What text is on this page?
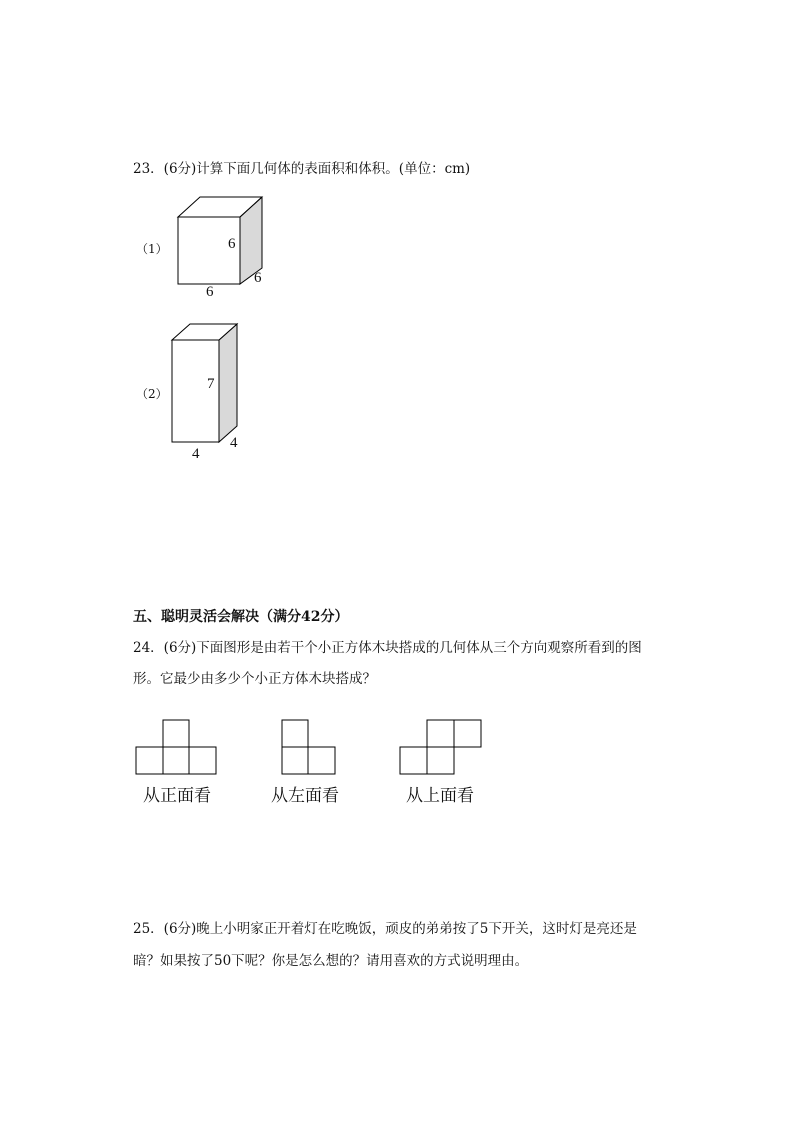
23．(6分)计算下面几何体的表面积和体积。(单位：cm)
（1）	6
6
6
（2）
7
4
4
五、聪明灵活会解决（满分42分）
24．(6分)下面图形是由若干个小正方体木块搭成的几何体从三个方向观察所看到的图
形。它最少由多少个小正方体木块搭成？
从正面看	从左面看	从上面看
25．(6分)晚上小明家正开着灯在吃晚饭，顽皮的弟弟按了5下开关，这时灯是亮还是
暗？如果按了50下呢？你是怎么想的？请用喜欢的方式说明理由。
